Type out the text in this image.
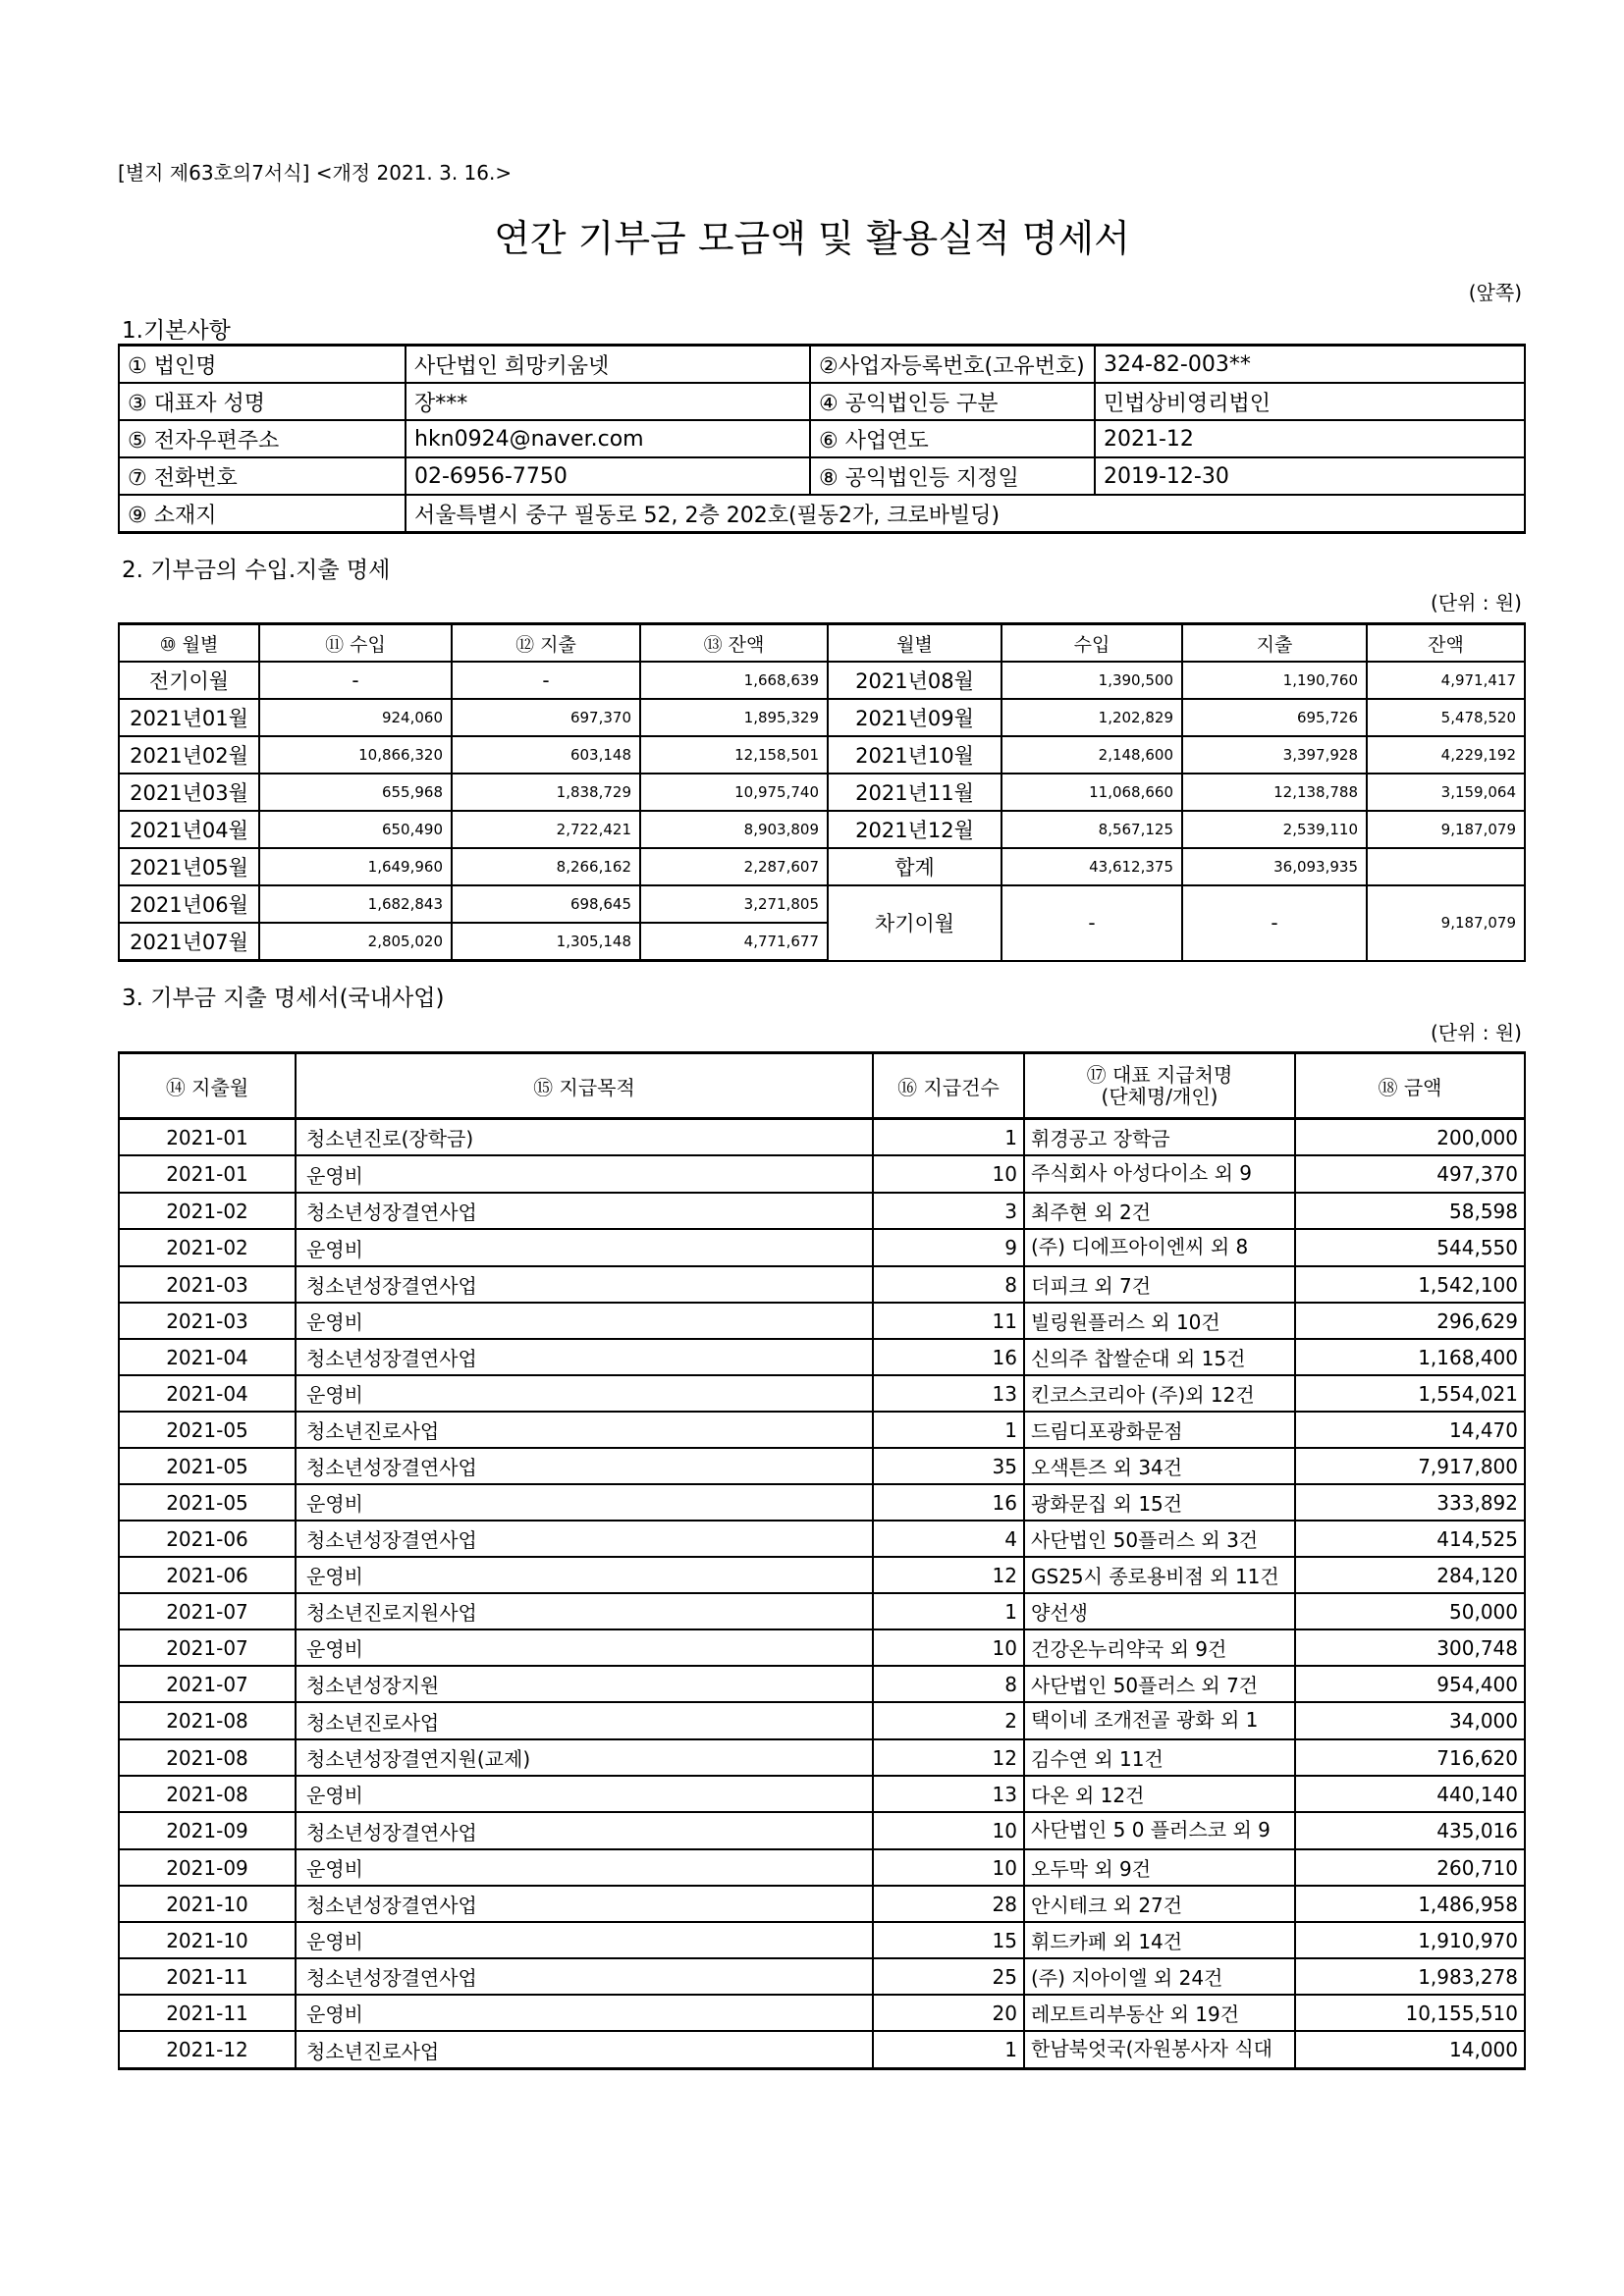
[별지 제63호의7서식] <개정 2021. 3. 16.>
연간 기부금 모금액 및 활용실적 명세서
(앞쪽)
1.기본사항
① 법인명	사단법인 희망키움넷	②사업자등록번호(고유번호)	324-82-003**
③ 대표자 성명	장***	④ 공익법인등 구분	민법상비영리법인
⑤ 전자우편주소	hkn0924@naver.com	⑥ 사업연도	2021-12
⑦ 전화번호	02-6956-7750	⑧ 공익법인등 지정일	2019-12-30
⑨ 소재지	서울특별시 중구 필동로 52, 2층 202호(필동2가, 크로바빌딩)		
2. 기부금의 수입.지출 명세
(단위 : 원)
⑩ 월별	⑪ 수입	⑫ 지출	⑬ 잔액	월별	수입	지출	잔액
전기이월	-	-	1,668,639	2021년08월	1,390,500	1,190,760	4,971,417
2021년01월	924,060	697,370	1,895,329	2021년09월	1,202,829	695,726	5,478,520
2021년02월	10,866,320	603,148	12,158,501	2021년10월	2,148,600	3,397,928	4,229,192
2021년03월	655,968	1,838,729	10,975,740	2021년11월	11,068,660	12,138,788	3,159,064
2021년04월	650,490	2,722,421	8,903,809	2021년12월	8,567,125	2,539,110	9,187,079
2021년05월	1,649,960	8,266,162	2,287,607	합계	43,612,375	36,093,935	
2021년06월	1,682,843	698,645	3,271,805	차기이월	-	-	9,187,079
2021년07월	2,805,020	1,305,148	4,771,677				
3. 기부금 지출 명세서(국내사업)
(단위 : 원)
⑭ 지출월	⑮ 지급목적	⑯ 지급건수	⑰ 대표 지급처명
(단체명/개인)	⑱ 금액
2021-01	청소년진로(장학금)	1	휘경공고 장학금	200,000
2021-01	운영비	10	주식회사 아성다이소 외 9	497,370
2021-02	청소년성장결연사업	3	최주현 외 2건	58,598
2021-02	운영비	9	(주) 디에프아이엔씨 외 8	544,550
2021-03	청소년성장결연사업	8	더피크 외 7건	1,542,100
2021-03	운영비	11	빌링원플러스 외 10건	296,629
2021-04	청소년성장결연사업	16	신의주 찹쌀순대 외 15건	1,168,400
2021-04	운영비	13	킨코스코리아 (주)외 12건	1,554,021
2021-05	청소년진로사업	1	드림디포광화문점	14,470
2021-05	청소년성장결연사업	35	오색튼즈 외 34건	7,917,800
2021-05	운영비	16	광화문집 외 15건	333,892
2021-06	청소년성장결연사업	4	사단법인 50플러스 외 3건	414,525
2021-06	운영비	12	GS25시 종로용비점 외 11건	284,120
2021-07	청소년진로지원사업	1	양선생	50,000
2021-07	운영비	10	건강온누리약국 외 9건	300,748
2021-07	청소년성장지원	8	사단법인 50플러스 외 7건	954,400
2021-08	청소년진로사업	2	택이네 조개전골 광화 외 1	34,000
2021-08	청소년성장결연지원(교제)	12	김수연 외 11건	716,620
2021-08	운영비	13	다온 외 12건	440,140
2021-09	청소년성장결연사업	10	사단법인 5 0 플러스코 외 9	435,016
2021-09	운영비	10	오두막 외 9건	260,710
2021-10	청소년성장결연사업	28	안시테크 외 27건	1,486,958
2021-10	운영비	15	휘드카페 외 14건	1,910,970
2021-11	청소년성장결연사업	25	(주) 지아이엘 외 24건	1,983,278
2021-11	운영비	20	레모트리부동산 외 19건	10,155,510
2021-12	청소년진로사업	1	한남북엇국(자원봉사자 식대	14,000
